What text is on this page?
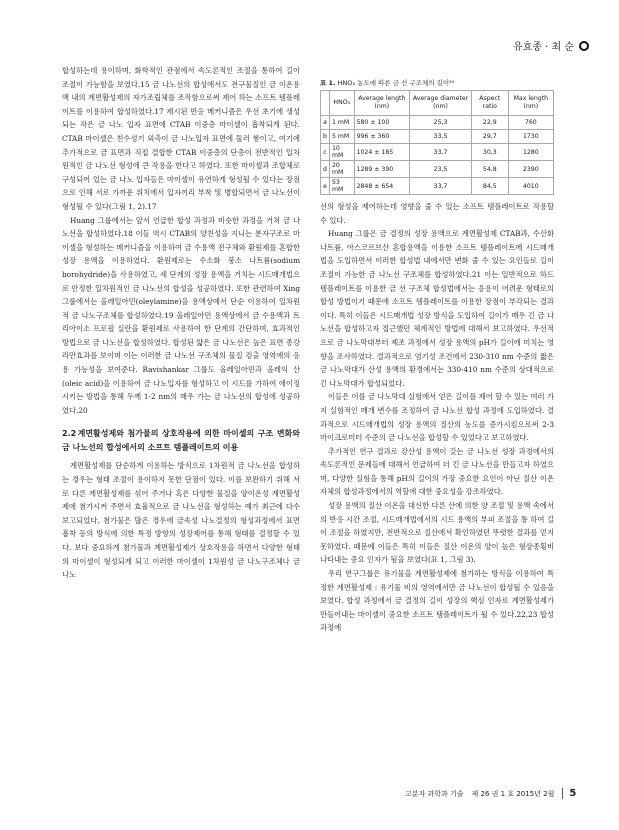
유효종 · 최 순

합성하는데 용이하며, 화학적인 관점에서 속도론적인 조절을 통하여 길이 조절이 가능함을 보였다.15 금 나노선의 합성에서도 전구물질인 금 이온용액 내의 계면활성제의 자가조립체를 조작함으로써 제어 하는 소프트 템플레이트를 이용하여 합성하였다.17 제시된 반응 메커니즘은 우선 초기에 생성되는 작은 금 나노 입자 표면에 CTAB 이중층 마이셀이 흡착되게 된다. CTAB 마이셀은 친수성기 외측이 금 나노입자 표면에 둘러 쌓이고, 여기에 추가적으로 금 표면과 직접 결합한 CTAB 이중층의 단층이 전반적인 일차원적인 금 나노선 형성에 큰 작용을 한다고 하였다. 또한 마이셀과 조합체로 구성되어 있는 금 나노 입자들은 마이셀이 유연하게 형성될 수 있다는 장점으로 인해 서로 가까운 위치에서 입자끼리 부착 및 병합되면서 금 나노선이 형성될 수 있다(그림 1, 2).17

Huang 그룹에서는 앞서 언급한 합성 과정과 비슷한 과정을 거쳐 금 나노선을 합성하였다.18 이들 역시 CTAB의 양친성을 지니는 분자구조로 마이셀을 형성하는 메커니즘을 이용하여 금 수용액 전구체와 환원제를 혼합한 성장 용액을 이용하였다. 환원제로는 수소화 붕소 나트륨(sodium borohydride)을 사용하였고, 세 단계의 성장 용액을 거치는 시드매개법으로 안정한 일차원적인 금 나노선의 합성을 성공하였다. 또한 관련하여 Xing 그룹에서는 올레일아민(oleylamine)을 용액상에서 단순 이용하여 일차원적 금 나노구조체를 합성하였다.19 올레일아민 용액상에서 금 수용액과 트리아이소 프로필 실란을 환원제로 사용하여 한 단계의 간단하며, 효과적인 방법으로 금 나노선을 합성하였다. 합성된 얇은 금 나노선은 높은 표면 종강라만효과를 보이며 이는 이러한 금 나노선 구조체의 물질 검출 영역에의 응용 가능성을 보여준다. Ravishankar 그룹도 올레일아민과 올레익 산(oleic acid)을 이용하여 금 나노입자를 형성하고 이 시드를 가하여 에이징 시키는 방법을 통해 두께 1-2 nm의 매우 가는 금 나노선의 합성에 성공하였다.20

2.2 계면활성제와 첨가물의 상호작용에 의한 마이셀의 구조 변화와 금 나노선의 합성에서의 소프트 템플레이트의 이용

계면활성제를 단순하게 이용하는 방식으로 1차원적 금 나노선을 합성하는 경우는 형태 조절이 용이하지 못한 단점이 있다. 이를 보완하기 위해 서로 다른 계면활성제를 섞어 주거나 혹은 다양한 물질을 양이온성 계면활성제에 첨가시켜 주면서 효율적으로 금 나노선을 형성하는 예가 최근에 다수 보고되었다. 첨가물은 많은 경우에 금속성 나노결정의 형성과정에서 표면 흡착 등의 방식에 의한 특정 방향의 성장제어를 통해 형태를 결정할 수 있다. 보다 중요하게 첨가물과 계면활성제가 상호작용을 하면서 다양한 형태의 마이셀이 형성되게 되고 이러한 마이셀이 1차원성 금 나노구조체나 금 나노

표 1. HNO₃ 농도에 따른 금 선 구조체의 길이²⁰
	HNO₃	Average length (nm)	Average diameter (nm)	Aspect ratio	Max length (nm)
a	1 mM	580 ± 100	25,3	22,9	760
b	5 mM	996 ± 360	33,5	29,7	1730
c	10 mM	1024 ± 185	33,7	30,3	1280
d	20 mM	1289 ± 390	23,5	54,8	2390
e	53 mM	2848 ± 654	33,7	84,5	4010

선의 형성을 제어하는데 영향을 줄 수 있는 소프트 템플레이트로 작용할 수 있다.

Huang 그룹은 금 결정의 성장 용액으로 계면활성제 CTAB과, 수산화나트륨, 아스코르브산 혼합용액을 이용한 소프트 템플레이트에 시드매개법을 도입하면서 이러한 합성법 내에서만 변화 줄 수 있는 요인들로 길이 조절이 가능한 금 나노선 구조체를 합성하였다.21 이는 일반적으로 하드 템플레이트를 이용한 금 선 구조체 합성법에서는 응용이 어려운 형태로의 합성 방법이기 때문에 소프트 템플레이트를 이용한 장점이 부각되는 결과이다. 특히 이들은 시드매개법 성장 방식을 도입하여 길이가 매우 긴 금 나노선을 합성하고자 접근했던 체계적인 방법에 대해서 보고하였다. 우선적으로 금 나노막대부터 제조 과정에서 성장 용액의 pH가 길이에 미치는 영향을 조사하였다. 결과적으로 염기성 조건에서 230-310 nm 수준의 짧은 금 나노막대가 산성 용액의 환경에서는 330-410 nm 수준의 상대적으로 긴 나노막대가 합성되었다.

이들은 이를 금 나노막대 실험에서 얻은 길이를 제어 할 수 있는 여러 가지 실험적인 매개 변수를 조정하여 금 나노선 합성 과정에 도입하였다. 결과적으로 시드매개법의 성장 용액의 질산의 농도를 증가시킴으로써 2-3 마이크로미터 수준의 금 나노선을 합성할 수 있었다고 보고하였다.

추가적인 연구 결과로 강산성 용액이 갖는 금 나노선 성장 과정에서의 속도론적인 문제들에 대해서 언급하여 더 긴 금 나노선을 만들고자 하였으며, 다양한 실험을 통해 pH의 길이의 가장 중요한 요인이 아닌 질산 이온 자체의 합성과정에서의 역할에 대한 중요성을 강조하였다.

성장 용액의 질산 이온을 대신한 다른 산에 의한 양 조절 및 용액 속에서의 반응 시간 조절, 시드매개법에서의 시드 용액의 부피 조절을 통 하여 길이 조절을 하였지만, 전반적으로 질산에서 확인하였던 뚜렷한 결과를 얻지 못하였다. 때문에 이들은 특히 이들은 질산 이온의 양이 높은 형상종횡비 나타내는 중요 인자가 됨을 보였다(표 1, 그림 3).

우리 연구그룹은 유기물을 계면활성제에 첨가하는 방식을 이용하여 특정한 계면활성제 : 유기물 비의 영역에서만 금 나노선이 합성될 수 있음을 보였다. 합성 과정에서 금 결정의 길이 성장의 핵심 인자로 계면활성제가 만들어내는 마이셀이 중요한 소프트 템플레이트가 될 수 있다.22,23 합성 과정에

고분자 과학과 기술 제 26 권 1 호 2015년 2월	5
